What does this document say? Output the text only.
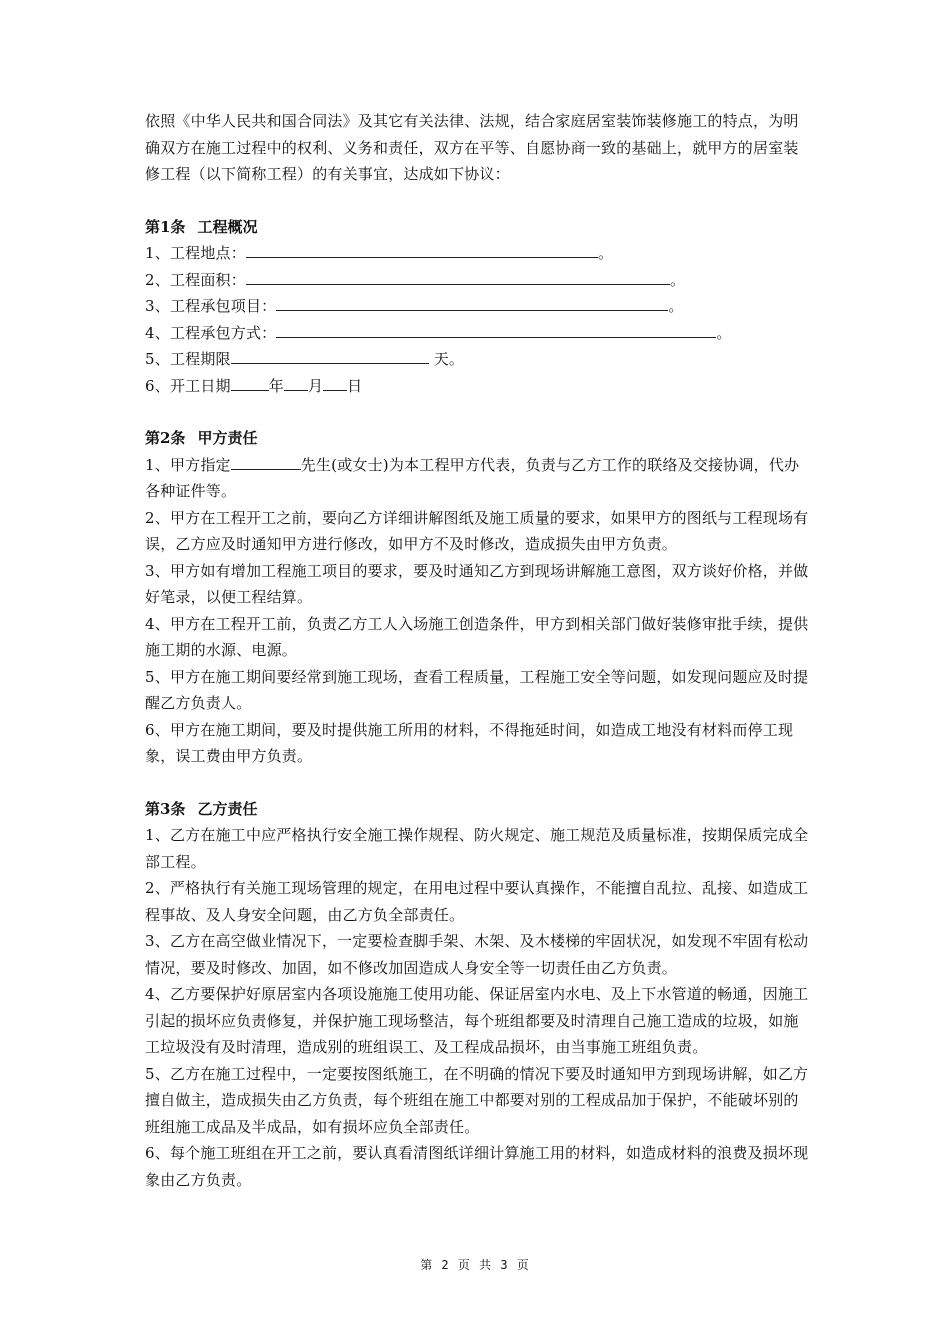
依照《中华人民共和国合同法》及其它有关法律、法规，结合家庭居室装饰装修施工的特点，为明确双方在施工过程中的权利、义务和责任，双方在平等、自愿协商一致的基础上，就甲方的居室装修工程（以下简称工程）的有关事宜，达成如下协议：

第1条 工程概况

1、工程地点：	。

2、工程面积：	。

3、工程承包项目：	。

4、工程承包方式：	。

5、工程期限	天。

6、开工日期	年 月 日

第2条 甲方责任

1、甲方指定	先生(或女士)为本工程甲方代表，负责与乙方工作的联络及交接协调，代办各种证件等。

2、甲方在工程开工之前，要向乙方详细讲解图纸及施工质量的要求，如果甲方的图纸与工程现场有误，乙方应及时通知甲方进行修改，如甲方不及时修改，造成损失由甲方负责。

3、甲方如有增加工程施工项目的要求，要及时通知乙方到现场讲解施工意图，双方谈好价格，并做好笔录，以便工程结算。

4、甲方在工程开工前，负责乙方工人入场施工创造条件，甲方到相关部门做好装修审批手续，提供施工期的水源、电源。

5、甲方在施工期间要经常到施工现场，查看工程质量，工程施工安全等问题，如发现问题应及时提醒乙方负责人。

6、甲方在施工期间，要及时提供施工所用的材料，不得拖延时间，如造成工地没有材料而停工现象，误工费由甲方负责。

第3条 乙方责任

1、乙方在施工中应严格执行安全施工操作规程、防火规定、施工规范及质量标准，按期保质完成全部工程。

2、严格执行有关施工现场管理的规定，在用电过程中要认真操作，不能擅自乱拉、乱接、如造成工程事故、及人身安全问题，由乙方负全部责任。

3、乙方在高空做业情况下，一定要检查脚手架、木架、及木楼梯的牢固状况，如发现不牢固有松动情况，要及时修改、加固，如不修改加固造成人身安全等一切责任由乙方负责。

4、乙方要保护好原居室内各项设施施工使用功能、保证居室内水电、及上下水管道的畅通，因施工引起的损坏应负责修复，并保护施工现场整洁，每个班组都要及时清理自己施工造成的垃圾，如施工垃圾没有及时清理，造成别的班组误工、及工程成品损坏，由当事施工班组负责。

5、乙方在施工过程中，一定要按图纸施工，在不明确的情况下要及时通知甲方到现场讲解，如乙方擅自做主，造成损失由乙方负责，每个班组在施工中都要对别的工程成品加于保护，不能破坏别的班组施工成品及半成品，如有损坏应负全部责任。

6、每个施工班组在开工之前，要认真看清图纸详细计算施工用的材料，如造成材料的浪费及损坏现象由乙方负责。

第 2 页 共 3 页
